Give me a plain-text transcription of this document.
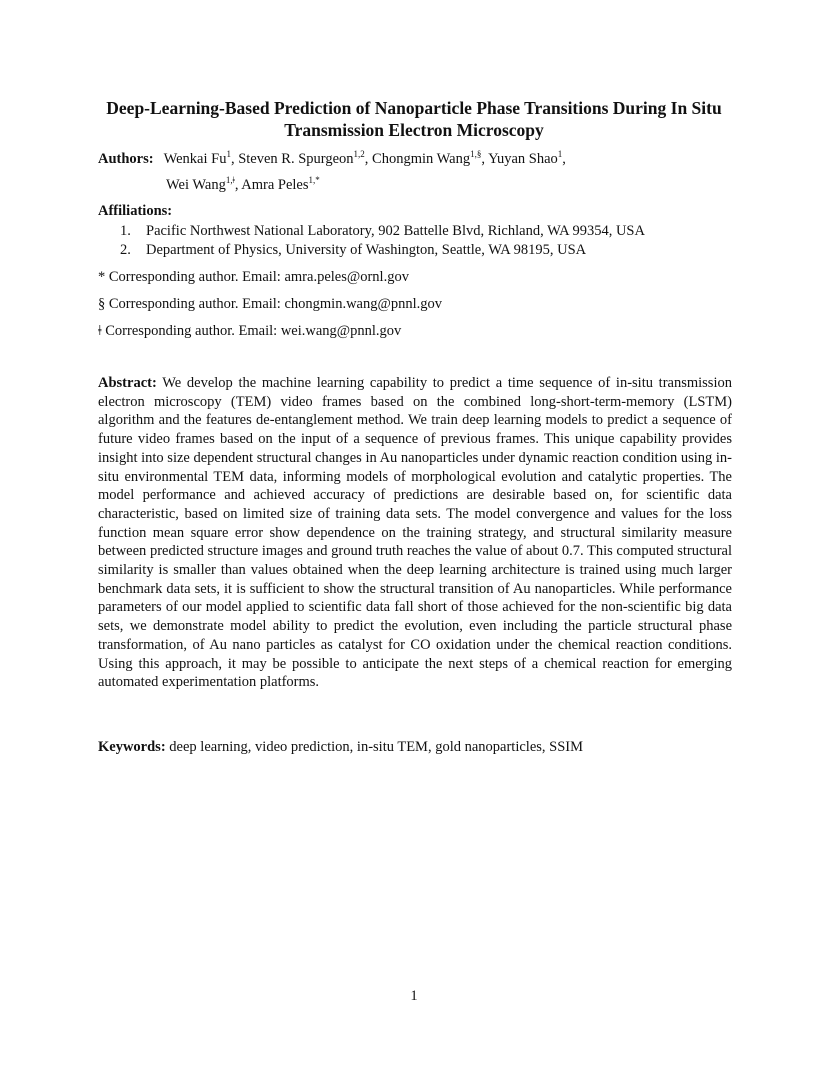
Deep-Learning-Based Prediction of Nanoparticle Phase Transitions During In Situ Transmission Electron Microscopy
Authors: Wenkai Fu$^1$, Steven R. Spurgeon$^{1,2}$, Chongmin Wang$^{1,\S}$, Yuyan Shao$^1$,
Wei Wang$^{1,ǂ}$, Amra Peles$^{1,*}$
Affiliations:
1. Pacific Northwest National Laboratory, 902 Battelle Blvd, Richland, WA 99354, USA
2. Department of Physics, University of Washington, Seattle, WA 98195, USA
* Corresponding author. Email: amra.peles@ornl.gov
§ Corresponding author. Email: chongmin.wang@pnnl.gov
ǂ Corresponding author. Email: wei.wang@pnnl.gov
Abstract: We develop the machine learning capability to predict a time sequence of in-situ transmission electron microscopy (TEM) video frames based on the combined long-short-term-memory (LSTM) algorithm and the features de-entanglement method. We train deep learning models to predict a sequence of future video frames based on the input of a sequence of previous frames. This unique capability provides insight into size dependent structural changes in Au nanoparticles under dynamic reaction condition using in-situ environmental TEM data, informing models of morphological evolution and catalytic properties. The model performance and achieved accuracy of predictions are desirable based on, for scientific data characteristic, based on limited size of training data sets. The model convergence and values for the loss function mean square error show dependence on the training strategy, and structural similarity measure between predicted structure images and ground truth reaches the value of about 0.7. This computed structural similarity is smaller than values obtained when the deep learning architecture is trained using much larger benchmark data sets, it is sufficient to show the structural transition of Au nanoparticles. While performance parameters of our model applied to scientific data fall short of those achieved for the non-scientific big data sets, we demonstrate model ability to predict the evolution, even including the particle structural phase transformation, of Au nano particles as catalyst for CO oxidation under the chemical reaction conditions. Using this approach, it may be possible to anticipate the next steps of a chemical reaction for emerging automated experimentation platforms.
Keywords: deep learning, video prediction, in-situ TEM, gold nanoparticles, SSIM
1
